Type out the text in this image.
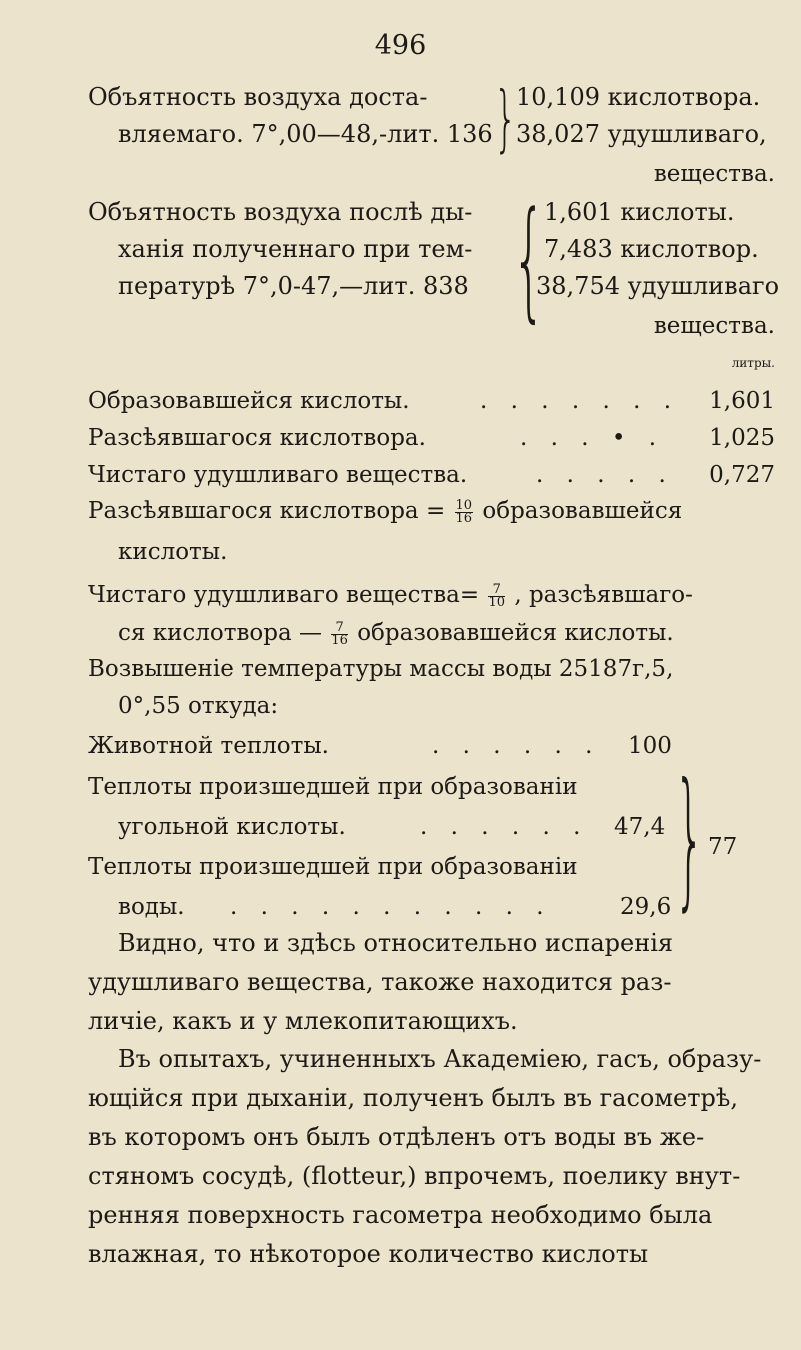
496
Объятность воздуха доста-
вляемаго. 7°,00—48,-лит. 136 } 10,109 кислотвора.
38,027 удушливаго,
вещества.
Объятность воздуха послѣ ды-
ханія полученнаго при тем-
пературѣ 7°,0-47,—лит. 838 {
1,601 кислоты.
7,483 кислотвор.
38,754 удушливаго
вещества.
литры.
Образовавшейся кислоты.	. . . . . . . 1,601
Разсѣявшагося кислотвора.	. . . • . 1,025
Чистаго удушливаго вещества.	. . . . . 0,727
Разсѣявшагося кислотвора = $\frac{10}{16}$ образовавшейся
кислоты.
Чистаго удушливаго вещества= $\frac{7}{10}$ , разсѣявшаго-
ся кислотвора — $\frac{7}{16}$ образовавшейся кислоты.
Возвышеніе температуры массы воды 25187г,5,
0°,55 откуда:
Животной теплоты.	. . . . . . 100
Теплоты произшедшей при образованіи
угольной кислоты.	. . . . . . 47,4
Теплоты произшедшей при образованіи
воды. . . . . . . . . . . .	29,6 } 77
Видно, что и здѣсь относительно испаренія
удушливаго вещества, такоже находится раз-
личіе, какъ и у млекопитающихъ.
Въ опытахъ, учиненныхъ Академіею, гасъ, образу-
ющійся при дыханіи, полученъ былъ въ гасометрѣ,
въ которомъ онъ былъ отдѣленъ отъ воды въ же-
стяномъ сосудѣ, (flotteur,) впрочемъ, поелику внут-
ренняя поверхность гасометра необходимо была
влажная, то нѣкоторое количество кислоты
